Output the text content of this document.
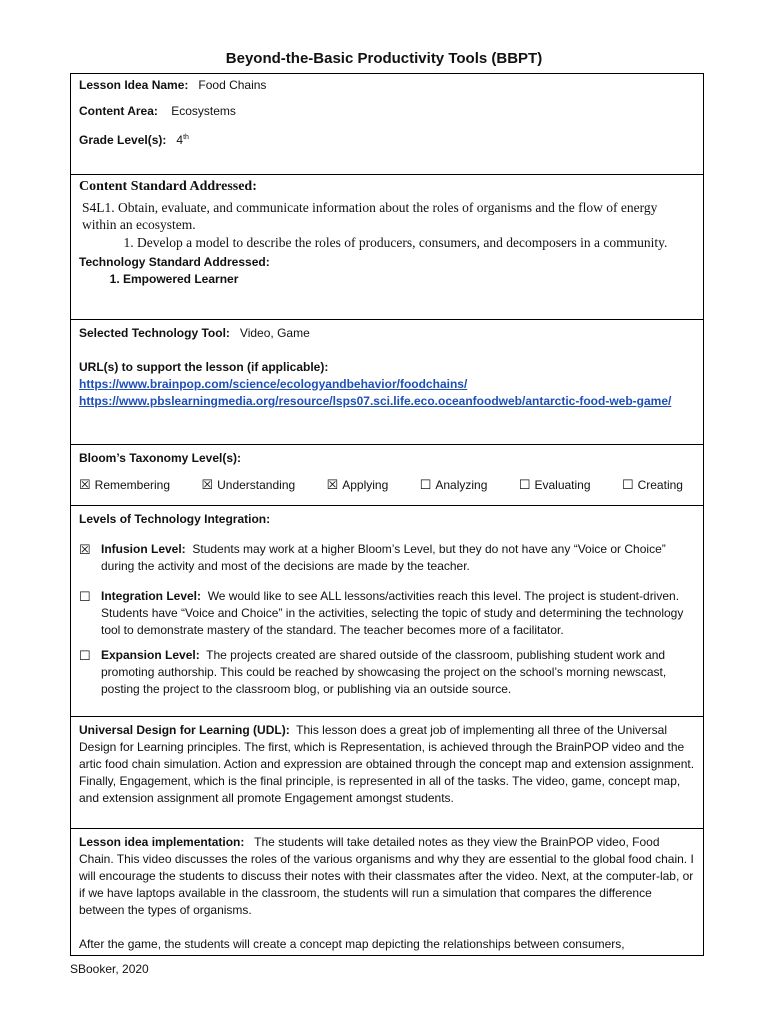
Beyond-the-Basic Productivity Tools (BBPT)
Lesson Idea Name: Food Chains
Content Area: Ecosystems
Grade Level(s): 4th
Content Standard Addressed:
S4L1. Obtain, evaluate, and communicate information about the roles of organisms and the flow of energy within an ecosystem.
1. Develop a model to describe the roles of producers, consumers, and decomposers in a community.
Technology Standard Addressed:
1. Empowered Learner
Selected Technology Tool: Video, Game
URL(s) to support the lesson (if applicable):
https://www.brainpop.com/science/ecologyandbehavior/foodchains/
https://www.pbslearningmedia.org/resource/lsps07.sci.life.eco.oceanfoodweb/antarctic-food-web-game/
Bloom’s Taxonomy Level(s):
☒ Remembering ☒ Understanding ☒ Applying ☐ Analyzing ☐ Evaluating ☐ Creating
Levels of Technology Integration:
☒ Infusion Level: Students may work at a higher Bloom’s Level, but they do not have any “Voice or Choice” during the activity and most of the decisions are made by the teacher.
☐ Integration Level: We would like to see ALL lessons/activities reach this level. The project is student-driven. Students have “Voice and Choice” in the activities, selecting the topic of study and determining the technology tool to demonstrate mastery of the standard. The teacher becomes more of a facilitator.
☐ Expansion Level: The projects created are shared outside of the classroom, publishing student work and promoting authorship. This could be reached by showcasing the project on the school’s morning newscast, posting the project to the classroom blog, or publishing via an outside source.
Universal Design for Learning (UDL): This lesson does a great job of implementing all three of the Universal Design for Learning principles. The first, which is Representation, is achieved through the BrainPOP video and the artic food chain simulation. Action and expression are obtained through the concept map and extension assignment. Finally, Engagement, which is the final principle, is represented in all of the tasks. The video, game, concept map, and extension assignment all promote Engagement amongst students.
Lesson idea implementation: The students will take detailed notes as they view the BrainPOP video, Food Chain. This video discusses the roles of the various organisms and why they are essential to the global food chain. I will encourage the students to discuss their notes with their classmates after the video. Next, at the computer-lab, or if we have laptops available in the classroom, the students will run a simulation that compares the difference between the types of organisms.
After the game, the students will create a concept map depicting the relationships between consumers,
SBooker, 2020
